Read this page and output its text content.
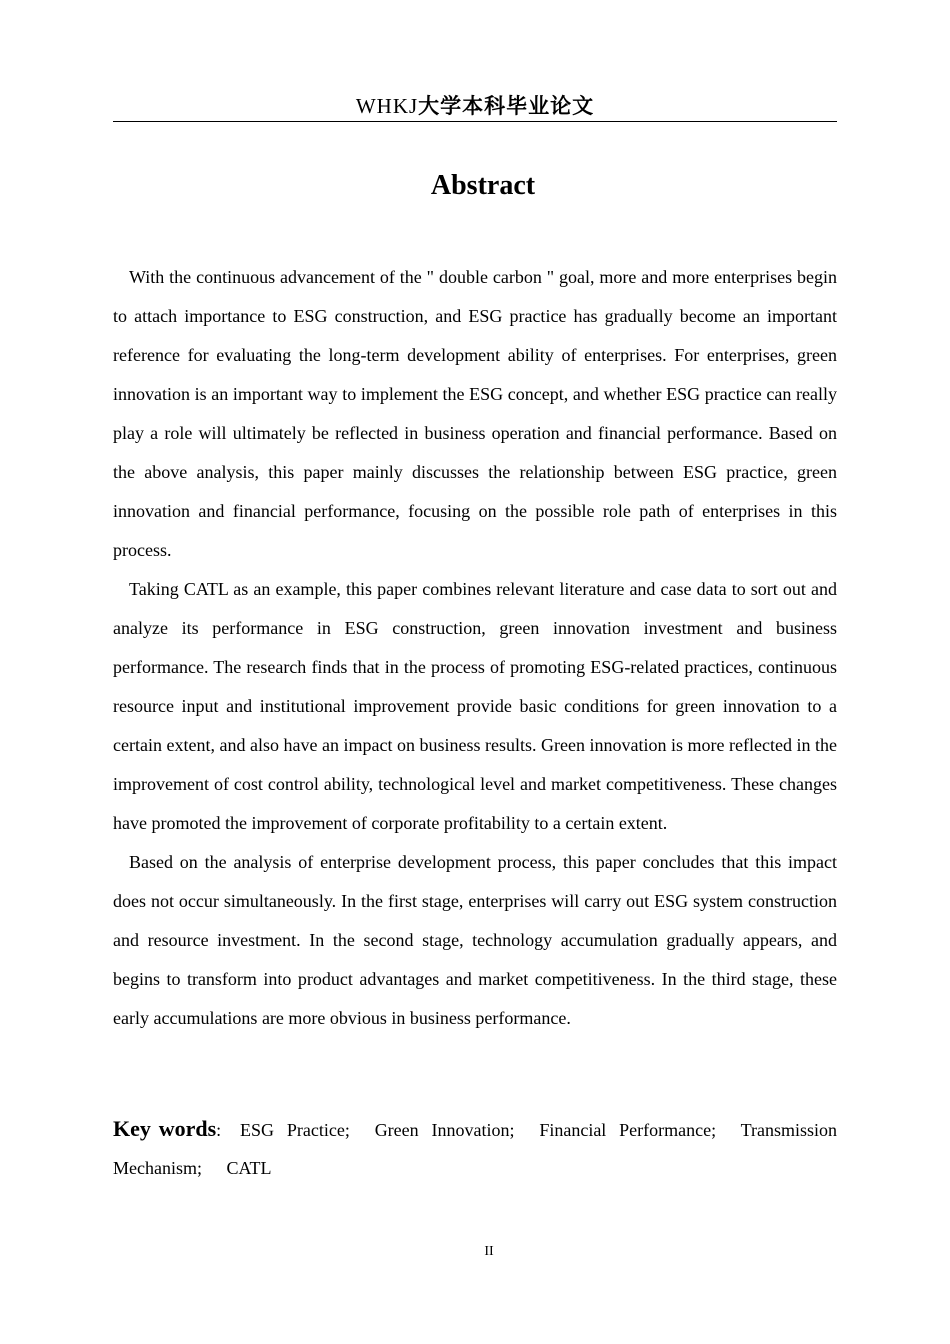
WHKJ大学本科毕业论文
Abstract

With the continuous advancement of the " double carbon " goal, more and more enterprises begin to attach importance to ESG construction, and ESG practice has gradually become an important reference for evaluating the long-term development ability of enterprises. For enterprises, green innovation is an important way to implement the ESG concept, and whether ESG practice can really play a role will ultimately be reflected in business operation and financial performance. Based on the above analysis, this paper mainly discusses the relationship between ESG practice, green innovation and financial performance, focusing on the possible role path of enterprises in this process.

Taking CATL as an example, this paper combines relevant literature and case data to sort out and analyze its performance in ESG construction, green innovation investment and business performance. The research finds that in the process of promoting ESG-related practices, continuous resource input and institutional improvement provide basic conditions for green innovation to a certain extent, and also have an impact on business results. Green innovation is more reflected in the improvement of cost control ability, technological level and market competitiveness. These changes have promoted the improvement of corporate profitability to a certain extent.

Based on the analysis of enterprise development process, this paper concludes that this impact does not occur simultaneously. In the first stage, enterprises will carry out ESG system construction and resource investment. In the second stage, technology accumulation gradually appears, and begins to transform into product advantages and market competitiveness. In the third stage, these early accumulations are more obvious in business performance.

Key words: ESG Practice; Green Innovation; Financial Performance; Transmission Mechanism; CATL

II
